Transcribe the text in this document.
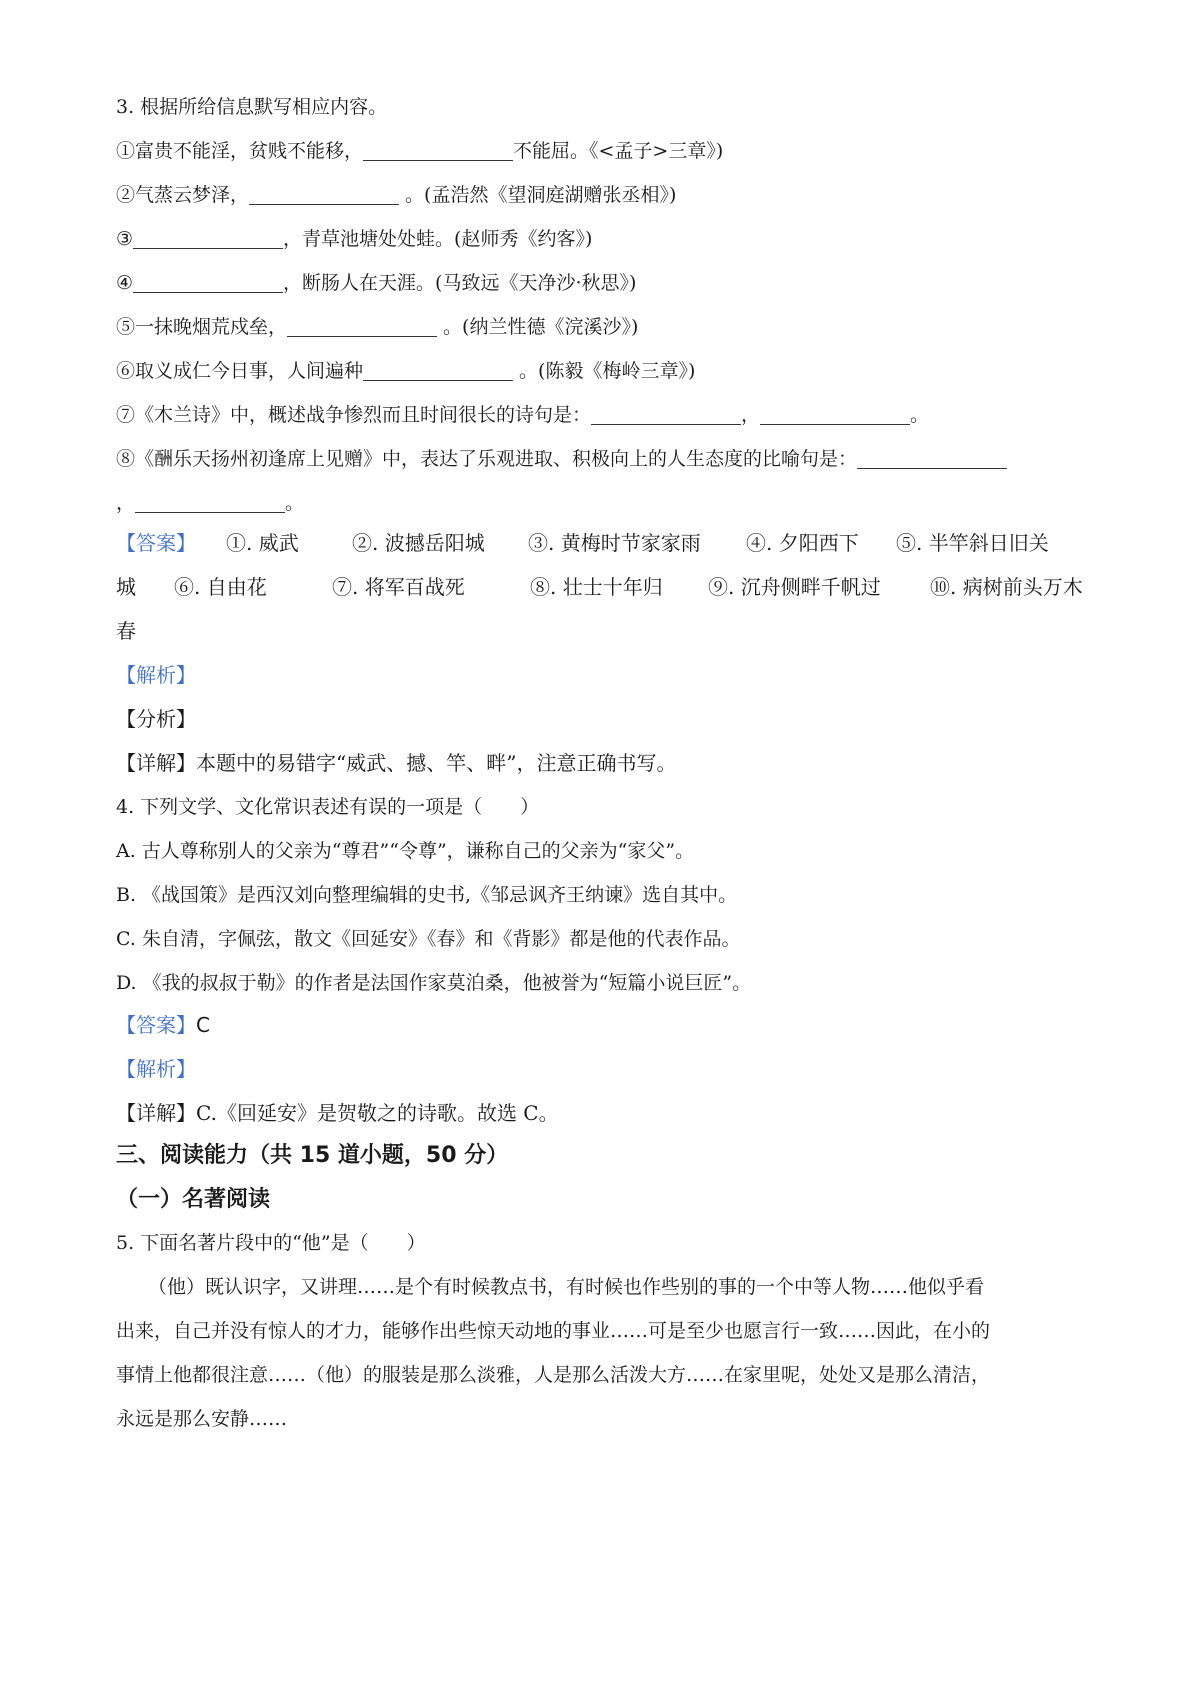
3. 根据所给信息默写相应内容。
①富贵不能淫，贫贱不能移，	不能屈。《<孟子>三章》)
②气蒸云梦泽，	。(孟浩然《望洞庭湖赠张丞相》)
③	，青草池塘处处蛙。(赵师秀《约客》)
④	，断肠人在天涯。(马致远《天净沙·秋思》)
⑤一抹晚烟荒戍垒，	。(纳兰性德《浣溪沙》)
⑥取义成仁今日事，人间遍种	。(陈毅《梅岭三章》)
⑦《木兰诗》中，概述战争惨烈而且时间很长的诗句是：	，	。
⑧《酬乐天扬州初逢席上见赠》中，表达了乐观进取、积极向上的人生态度的比喻句是：
，	。
【答案】 ①. 威武	②. 波撼岳阳城 ③. 黄梅时节家家雨 ④. 夕阳西下 ⑤. 半竿斜日旧关
城 ⑥. 自由花	⑦. 将军百战死	⑧. 壮士十年归 ⑨. 沉舟侧畔千帆过 ⑩. 病树前头万木
春
【解析】
【分析】
【详解】本题中的易错字“威武、撼、竿、畔”，注意正确书写。
4. 下列文学、文化常识表述有误的一项是（　　）
A. 古人尊称别人的父亲为“尊君”“令尊”，谦称自己的父亲为“家父”。
B. 《战国策》是西汉刘向整理编辑的史书,《邹忌讽齐王纳谏》选自其中。
C. 朱自清，字佩弦，散文《回延安》《春》和《背影》都是他的代表作品。
D. 《我的叔叔于勒》的作者是法国作家莫泊桑，他被誉为“短篇小说巨匠”。
【答案】C
【解析】
【详解】C.《回延安》是贺敬之的诗歌。故选 C。
三、阅读能力（共 15 道小题，50 分）
（一）名著阅读
5. 下面名著片段中的“他”是（　　）
（他）既认识字，又讲理……是个有时候教点书，有时候也作些别的事的一个中等人物……他似乎看
出来，自己并没有惊人的才力，能够作出些惊天动地的事业……可是至少也愿言行一致……因此，在小的
事情上他都很注意……（他）的服装是那么淡雅，人是那么活泼大方……在家里呢，处处又是那么清洁，
永远是那么安静……
